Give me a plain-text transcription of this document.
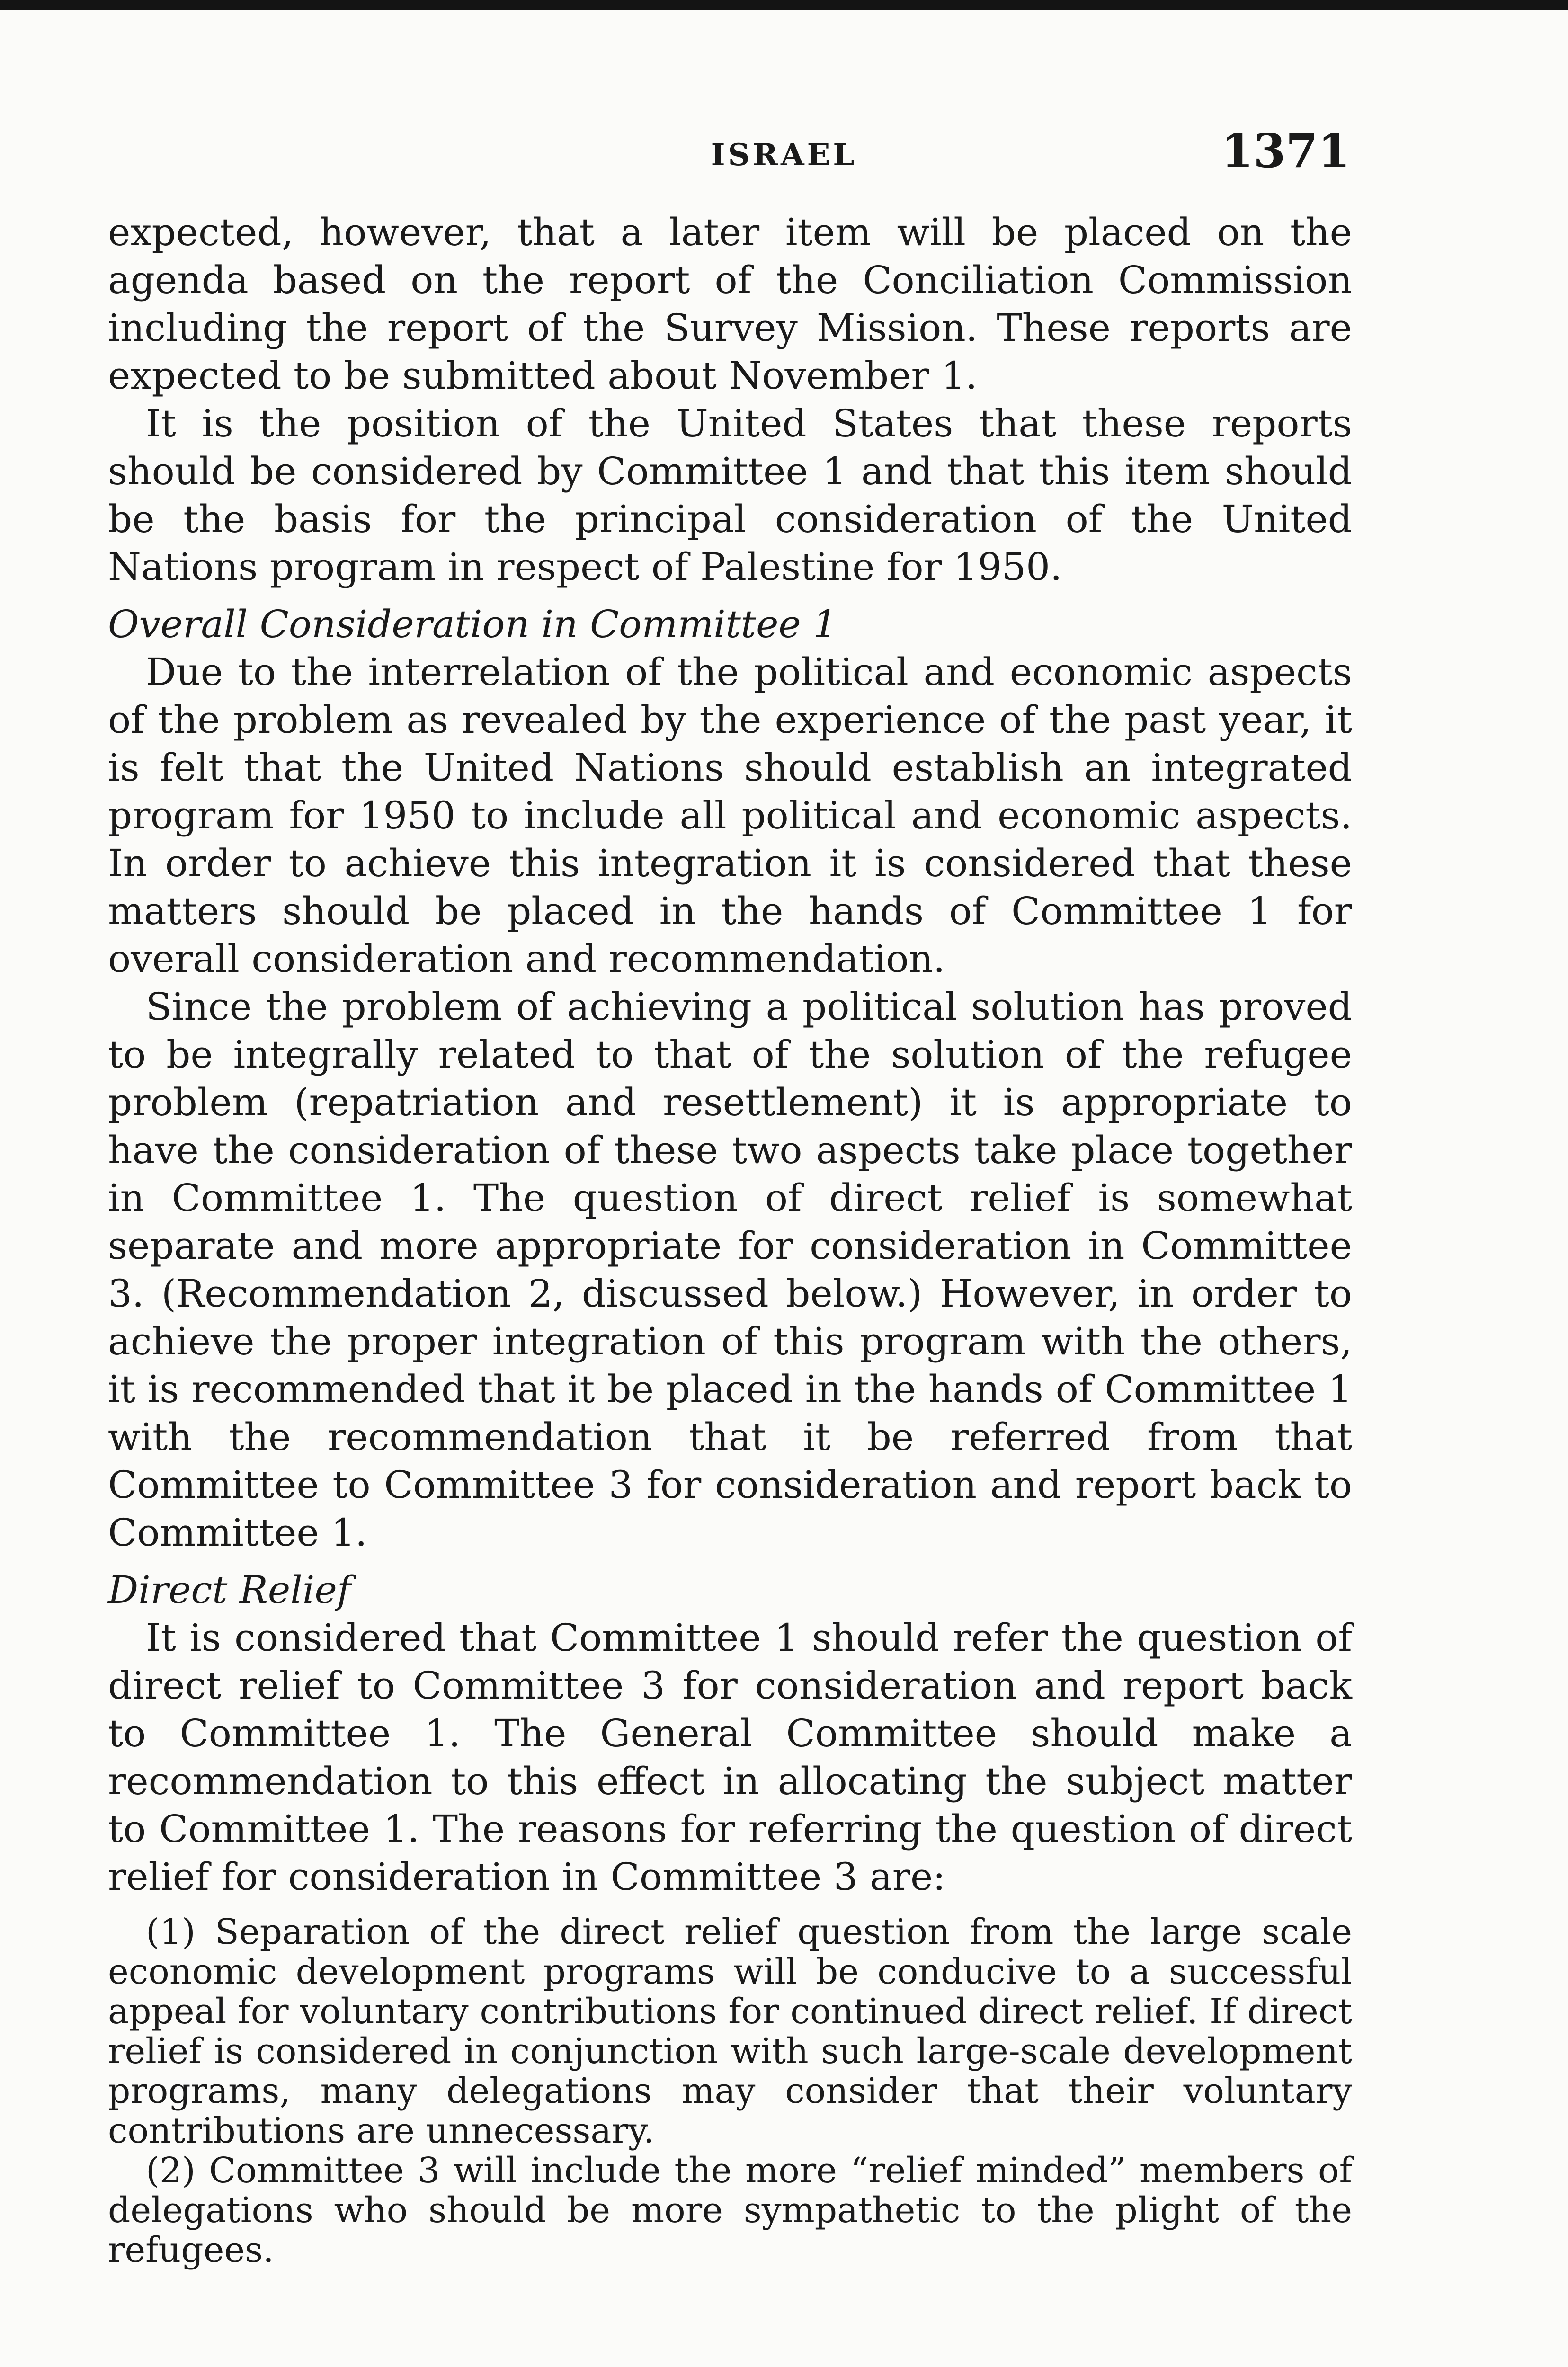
ISRAEL	1371

expected, however, that a later item will be placed on the agenda based on the report of the Conciliation Commission including the report of the Survey Mission. These reports are expected to be submitted about November 1.

It is the position of the United States that these reports should be considered by Committee 1 and that this item should be the basis for the principal consideration of the United Nations program in respect of Palestine for 1950.

Overall Consideration in Committee 1

Due to the interrelation of the political and economic aspects of the problem as revealed by the experience of the past year, it is felt that the United Nations should establish an integrated program for 1950 to include all political and economic aspects. In order to achieve this integration it is considered that these matters should be placed in the hands of Committee 1 for overall consideration and recommendation.

Since the problem of achieving a political solution has proved to be integrally related to that of the solution of the refugee problem (repatriation and resettlement) it is appropriate to have the consideration of these two aspects take place together in Committee 1. The question of direct relief is somewhat separate and more appropriate for consideration in Committee 3. (Recommendation 2, discussed below.) However, in order to achieve the proper integration of this program with the others, it is recommended that it be placed in the hands of Committee 1 with the recommendation that it be referred from that Committee to Committee 3 for consideration and report back to Committee 1.

Direct Relief

It is considered that Committee 1 should refer the question of direct relief to Committee 3 for consideration and report back to Committee 1. The General Committee should make a recommendation to this effect in allocating the subject matter to Committee 1. The reasons for referring the question of direct relief for consideration in Committee 3 are:

(1) Separation of the direct relief question from the large scale economic development programs will be conducive to a successful appeal for voluntary contributions for continued direct relief. If direct relief is considered in conjunction with such large-scale development programs, many delegations may consider that their voluntary contributions are unnecessary.

(2) Committee 3 will include the more “relief minded” members of delegations who should be more sympathetic to the plight of the refugees.
